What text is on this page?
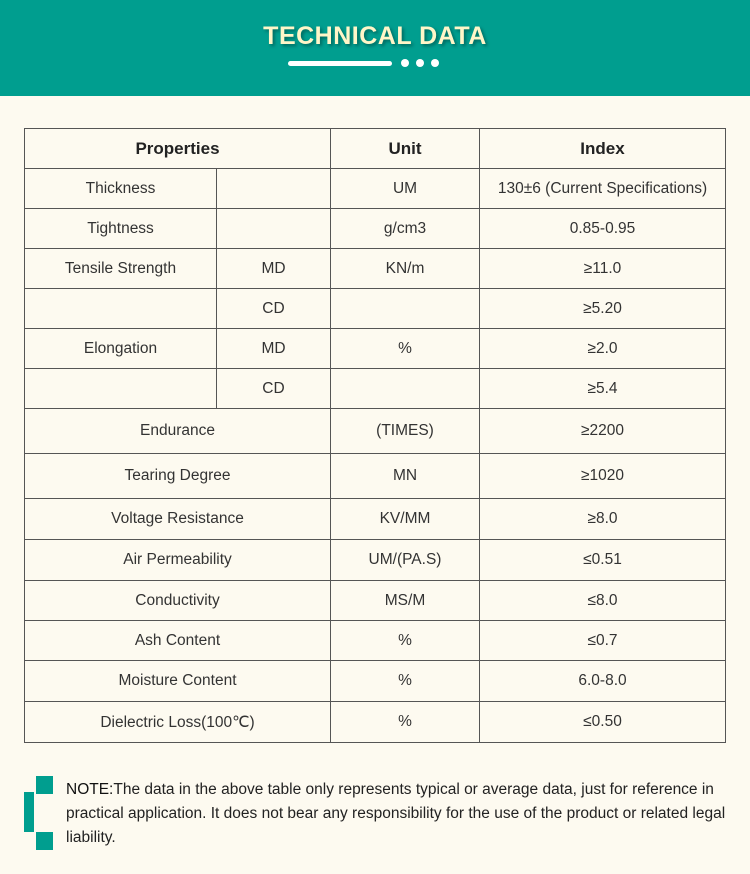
TECHNICAL DATA
Properties		Unit	Index
Thickness		UM	130±6 (Current Specifications)
Tightness		g/cm3	0.85-0.95
Tensile Strength	MD	KN/m	≥11.0
	CD		≥5.20
Elongation	MD	%	≥2.0
	CD		≥5.4
Endurance		(TIMES)	≥2200
Tearing Degree		MN	≥1020
Voltage Resistance		KV/MM	≥8.0
Air Permeability		UM/(PA.S)	≤0.51
Conductivity		MS/M	≤8.0
Ash Content		%	≤0.7
Moisture Content		%	6.0-8.0
Dielectric Loss(100℃)		%	≤0.50
NOTE:The data in the above table only represents typical or average data, just for reference in practical application. It does not bear any responsibility for the use of the product or related legal liability.
